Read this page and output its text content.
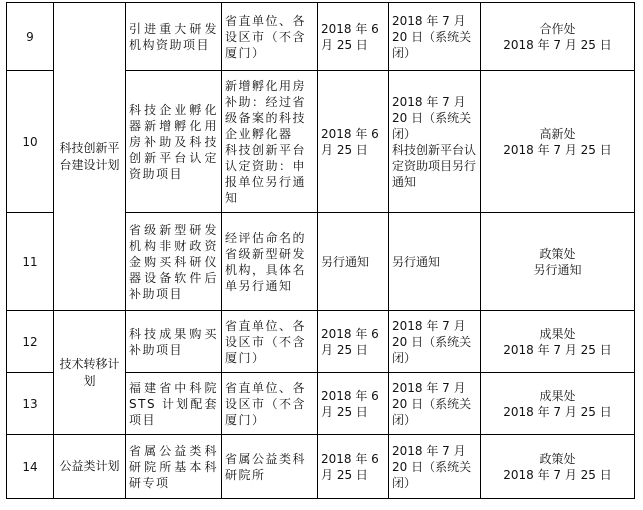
9	科技创新平台建设计划	引进重大研发机构资助项目	省直单位、各设区市（不含厦门）	2018 年 6 月 25 日	2018 年 7 月 20 日（系统关闭）	合作处
2018 年 7 月 25 日

10		科技企业孵化器新增孵化用房补助及科技创新平台认定资助项目	新增孵化用房补助：经过省级备案的科技企业孵化器
科技创新平台认定资助：申报单位另行通知	2018 年 6 月 25 日	2018 年 7 月 20 日（系统关闭）
科技创新平台认定资助项目另行通知	高新处
2018 年 7 月 25 日

11		省级新型研发机构非财政资金购买科研仪器设备软件后补助项目	经评估命名的省级新型研发机构，具体名单另行通知	另行通知	另行通知	政策处
另行通知

12	技术转移计划	科技成果购买补助项目	省直单位、各设区市（不含厦门）	2018 年 6 月 25 日	2018 年 7 月 20 日（系统关闭）	成果处
2018 年 7 月 25 日

13		福建省中科院 STS 计划配套项目	省直单位、各设区市（不含厦门）	2018 年 6 月 25 日	2018 年 7 月 20 日（系统关闭）	成果处
2018 年 7 月 25 日

14	公益类计划	省属公益类科研院所基本科研专项	省属公益类科研院所	2018 年 6 月 25 日	2018 年 7 月 20 日（系统关闭）	政策处
2018 年 7 月 25 日
